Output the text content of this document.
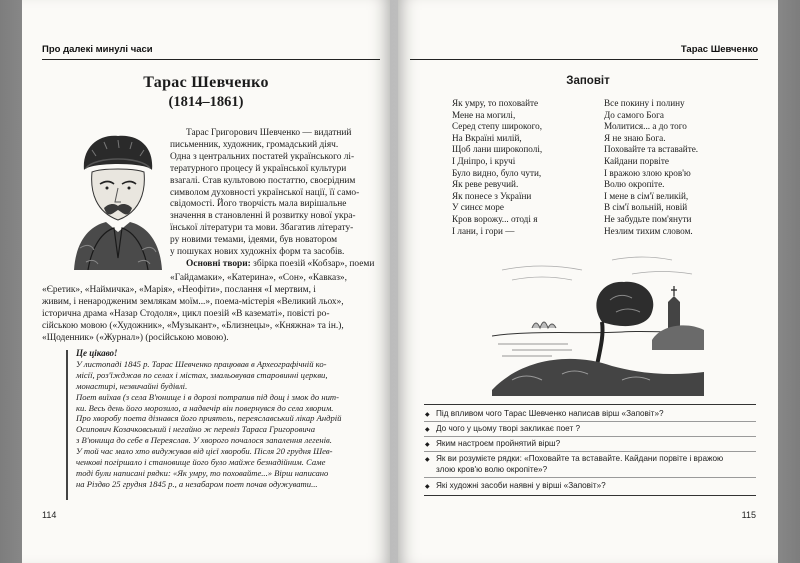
Про далекі минулі часи
Тарас Шевченко
(1814–1861)
Тарас Григорович Шевченко — видатний
письменник, художник, громадський діяч.
Одна з центральних постатей українського лі-
тературного процесу й української культури
взагалі. Став культовою постаттю, своєрідним
символом духовності української нації, її само-
свідомості. Його творчість мала вирішальне
значення в становленні й розвитку нової укра-
їнської літератури та мови. Збагатив літерату-
ру новими темами, ідеями, був новатором
у пошуках нових художніх форм та засобів.
Основні твори: збірка поезій «Кобзар», поеми
«Гайдамаки», «Катерина», «Сон», «Кавказ»,
«Єретик», «Наймичка», «Марія», «Неофіти», послання «І мертвим, і
живим, і ненародженим землякам моїм...», поема-містерія «Великий льох»,
історична драма «Назар Стодоля», цикл поезій «В казематі», повісті ро-
сійською мовою («Художник», «Музыкант», «Близнецы», «Княжна» та ін.),
«Щоденник» («Журнал») (російською мовою).
Це цікаво!
У листопаді 1845 р. Тарас Шевченко працював в Археографічній ко-
місії, роз'їжджав по селах і містах, змальовував старовинні церкви,
монастирі, незвичайні будівлі.
Поет виїхав (з села В'юнище і в дорозі потрапив під дощ і змок до нит-
ки. Весь день його морозило, а надвечір він повернувся до села хворим.
Про хворобу поета дізнався його приятель, переяславський лікар Андрій
Осипович Козачковський і негайно ж перевіз Тараса Григоровича
з В'юнища до себе в Переяслав. У хворого почалося запалення легенів.
У той час мало хто видужував від цієї хвороби. Після 20 грудня Шев-
ченкові погіршало і становище його було майже безнадійним. Саме
тоді були написані рядки: «Як умру, то поховайте...» Вірш написано
на Різдво 25 грудня 1845 р., а незабаром поет почав одужувати...
114
Тарас Шевченко
Заповіт
Як умру, то поховайте
Мене на могилі,
Серед степу широкого,
На Вкраїні милій,
Щоб лани широкополі,
І Дніпро, і кручі
Було видно, було чути,
Як реве ревучий.
Як понесе з України
У синєє море
Кров ворожу... отоді я
І лани, і гори —
Все покину і полину
До самого Бога
Молитися... а до того
Я не знаю Бога.
Поховайте та вставайте.
Кайдани порвіте
І вражою злою кров'ю
Волю окропіте.
І мене в сім'ї великій,
В сім'ї вольній, новій
Не забудьте пом'янути
Незлим тихим словом.
◆ Під впливом чого Тарас Шевченко написав вірш «Заповіт»?
◆ До чого у цьому творі закликає поет ?
◆ Яким настроєм пройнятий вірш?
◆ Як ви розумієте рядки: «Поховайте та вставайте. Кайдани порвіте і вражою
злою кров'ю волю окропіте»?
◆ Які художні засоби наявні у вірші «Заповіт»?
115
